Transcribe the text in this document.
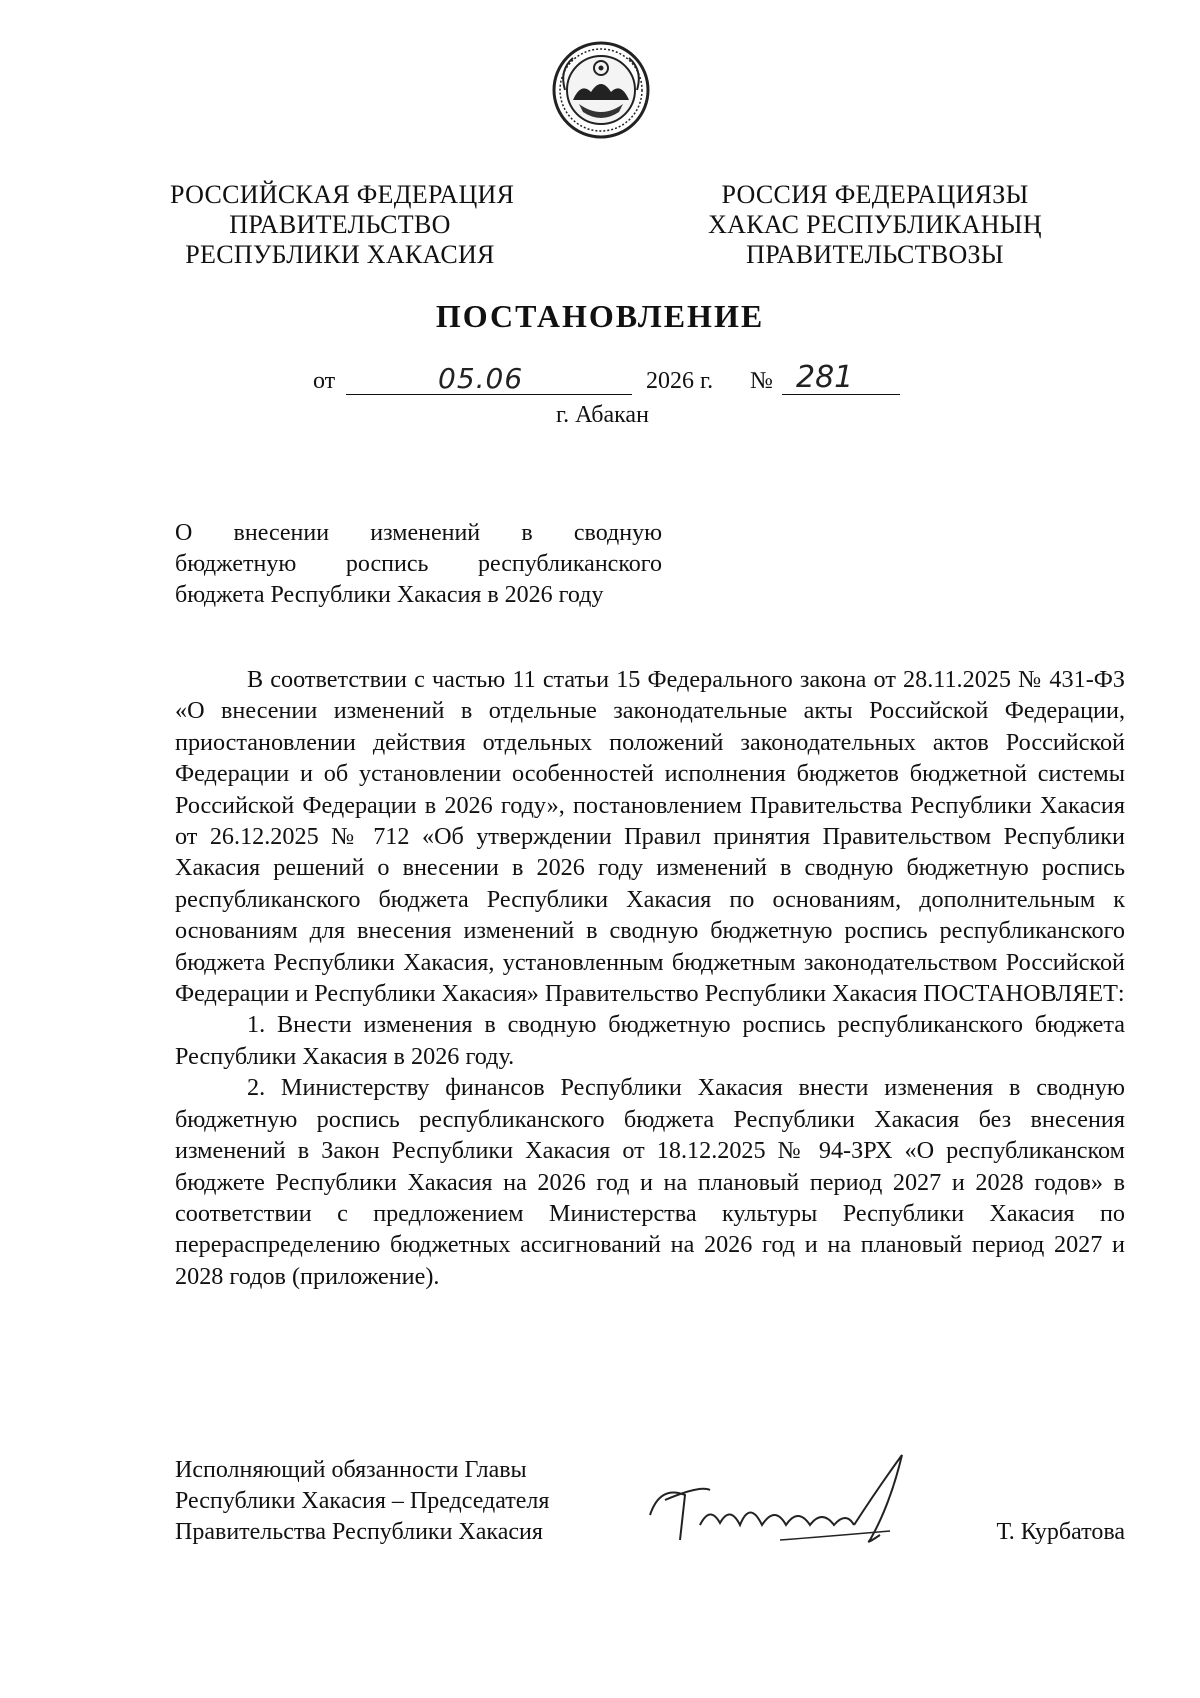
РОССИЙСКАЯ ФЕДЕРАЦИЯ
ПРАВИТЕЛЬСТВО
РЕСПУБЛИКИ ХАКАСИЯ
РОССИЯ ФЕДЕРАЦИЯЗЫ
ХАКАС РЕСПУБЛИКАНЫҢ
ПРАВИТЕЛЬСТВОЗЫ
ПОСТАНОВЛЕНИЕ
от	05.06	2026 г. № 281
г. Абакан
О внесении изменений в сводную
бюджетную роспись республиканского
бюджета Республики Хакасия в 2026 году

В соответствии с частью 11 статьи 15 Федерального закона от 28.11.2025 № 431-ФЗ «О внесении изменений в отдельные законодательные акты Российской Федерации, приостановлении действия отдельных положений законодательных актов Российской Федерации и об установлении особенностей исполнения бюджетов бюджетной системы Российской Федерации в 2026 году», постановлением Правительства Республики Хакасия от 26.12.2025 № 712 «Об утверждении Правил принятия Правительством Республики Хакасия решений о внесении в 2026 году изменений в сводную бюджетную роспись республиканского бюджета Республики Хакасия по основаниям, дополнительным к основаниям для внесения изменений в сводную бюджетную роспись республиканского бюджета Республики Хакасия, установленным бюджетным законодательством Российской Федерации и Республики Хакасия» Правительство Республики Хакасия ПОСТАНОВЛЯЕТ:

1. Внести изменения в сводную бюджетную роспись республиканского бюджета Республики Хакасия в 2026 году.

2. Министерству финансов Республики Хакасия внести изменения в сводную бюджетную роспись республиканского бюджета Республики Хакасия без внесения изменений в Закон Республики Хакасия от 18.12.2025 № 94-ЗРХ «О республиканском бюджете Республики Хакасия на 2026 год и на плановый период 2027 и 2028 годов» в соответствии с предложением Министерства культуры Республики Хакасия по перераспределению бюджетных ассигнований на 2026 год и на плановый период 2027 и 2028 годов (приложение).

Исполняющий обязанности Главы
Республики Хакасия – Председателя
Правительства Республики Хакасия	Т. Курбатова
